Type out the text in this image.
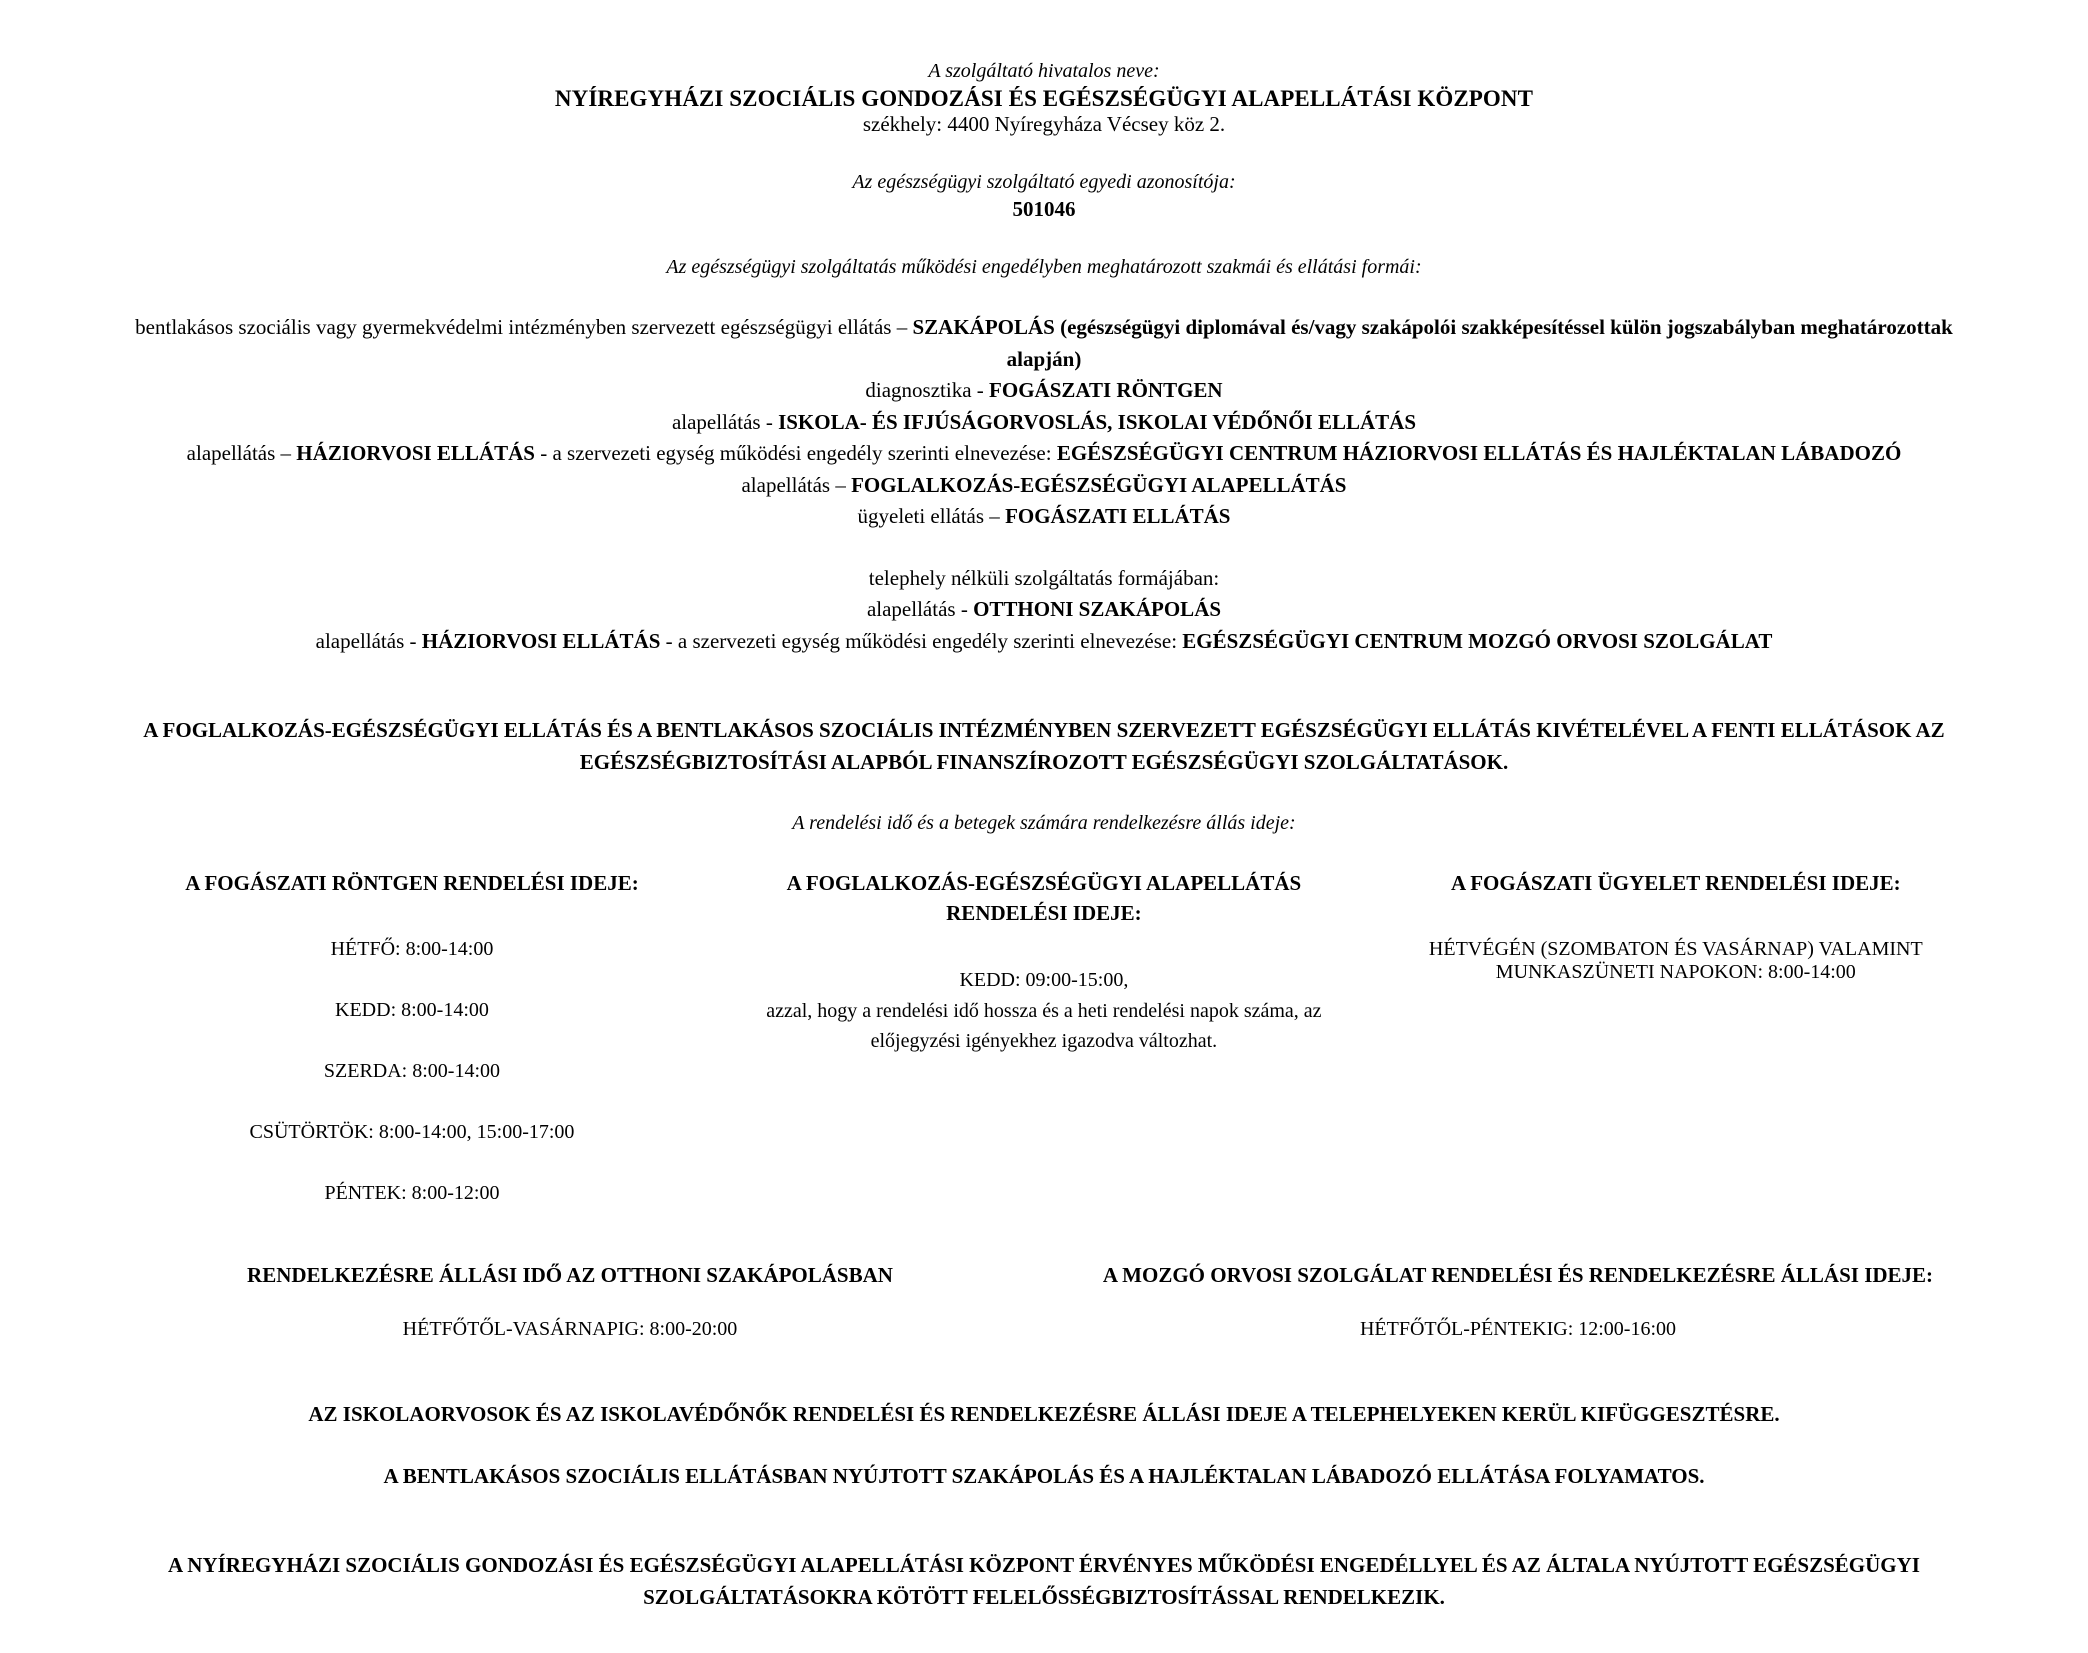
A szolgáltató hivatalos neve:
NYÍREGYHÁZI SZOCIÁLIS GONDOZÁSI ÉS EGÉSZSÉGÜGYI ALAPELLÁTÁSI KÖZPONT
székhely: 4400 Nyíregyháza Vécsey köz 2.
Az egészségügyi szolgáltató egyedi azonosítója:
501046
Az egészségügyi szolgáltatás működési engedélyben meghatározott szakmái és ellátási formái:
bentlakásos szociális vagy gyermekvédelmi intézményben szervezett egészségügyi ellátás – SZAKÁPOLÁS (egészségügyi diplomával és/vagy szakápolói szakképesítéssel külön jogszabályban meghatározottak alapján)
diagnosztika - FOGÁSZATI RÖNTGEN
alapellátás - ISKOLA- ÉS IFJÚSÁGORVOSLÁS, ISKOLAI VÉDŐNŐI ELLÁTÁS
alapellátás – HÁZIORVOSI ELLÁTÁS - a szervezeti egység működési engedély szerinti elnevezése: EGÉSZSÉGÜGYI CENTRUM HÁZIORVOSI ELLÁTÁS ÉS HAJLÉKTALAN LÁBADOZÓ
alapellátás – FOGLALKOZÁS-EGÉSZSÉGÜGYI ALAPELLÁTÁS
ügyeleti ellátás – FOGÁSZATI ELLÁTÁS
telephely nélküli szolgáltatás formájában:
alapellátás - OTTHONI SZAKÁPOLÁS
alapellátás - HÁZIORVOSI ELLÁTÁS - a szervezeti egység működési engedély szerinti elnevezése: EGÉSZSÉGÜGYI CENTRUM MOZGÓ ORVOSI SZOLGÁLAT
A FOGLALKOZÁS-EGÉSZSÉGÜGYI ELLÁTÁS ÉS A BENTLAKÁSOS SZOCIÁLIS INTÉZMÉNYBEN SZERVEZETT EGÉSZSÉGÜGYI ELLÁTÁS KIVÉTELÉVEL A FENTI ELLÁTÁSOK AZ EGÉSZSÉGBIZTOSÍTÁSI ALAPBÓL FINANSZÍROZOTT EGÉSZSÉGÜGYI SZOLGÁLTATÁSOK.
A rendelési idő és a betegek számára rendelkezésre állás ideje:
A FOGÁSZATI RÖNTGEN RENDELÉSI IDEJE:
HÉTFŐ: 8:00-14:00
KEDD: 8:00-14:00
SZERDA: 8:00-14:00
CSÜTÖRTÖK: 8:00-14:00, 15:00-17:00
PÉNTEK: 8:00-12:00
A FOGLALKOZÁS-EGÉSZSÉGÜGYI ALAPELLÁTÁS RENDELÉSI IDEJE:
KEDD: 09:00-15:00,
azzal, hogy a rendelési idő hossza és a heti rendelési napok száma, az előjegyzési igényekhez igazodva változhat.
A FOGÁSZATI ÜGYELET RENDELÉSI IDEJE:
HÉTVÉGÉN (SZOMBATON ÉS VASÁRNAP) VALAMINT MUNKASZÜNETI NAPOKON: 8:00-14:00
RENDELKEZÉSRE ÁLLÁSI IDŐ AZ OTTHONI SZAKÁPOLÁSBAN
HÉTFŐTŐL-VASÁRNAPIG: 8:00-20:00
A MOZGÓ ORVOSI SZOLGÁLAT RENDELÉSI ÉS RENDELKEZÉSRE ÁLLÁSI IDEJE:
HÉTFŐTŐL-PÉNTEKIG: 12:00-16:00
AZ ISKOLAORVOSOK ÉS AZ ISKOLAVÉDŐNŐK RENDELÉSI ÉS RENDELKEZÉSRE ÁLLÁSI IDEJE A TELEPHELYEKEN KERÜL KIFÜGGESZTÉSRE.
A BENTLAKÁSOS SZOCIÁLIS ELLÁTÁSBAN NYÚJTOTT SZAKÁPOLÁS ÉS A HAJLÉKTALAN LÁBADOZÓ ELLÁTÁSA FOLYAMATOS.
A NYÍREGYHÁZI SZOCIÁLIS GONDOZÁSI ÉS EGÉSZSÉGÜGYI ALAPELLÁTÁSI KÖZPONT ÉRVÉNYES MŰKÖDÉSI ENGEDÉLLYEL ÉS AZ ÁLTALA NYÚJTOTT EGÉSZSÉGÜGYI SZOLGÁLTATÁSOKRA KÖTÖTT FELELŐSSÉGBIZTOSÍTÁSSAL RENDELKEZIK.
